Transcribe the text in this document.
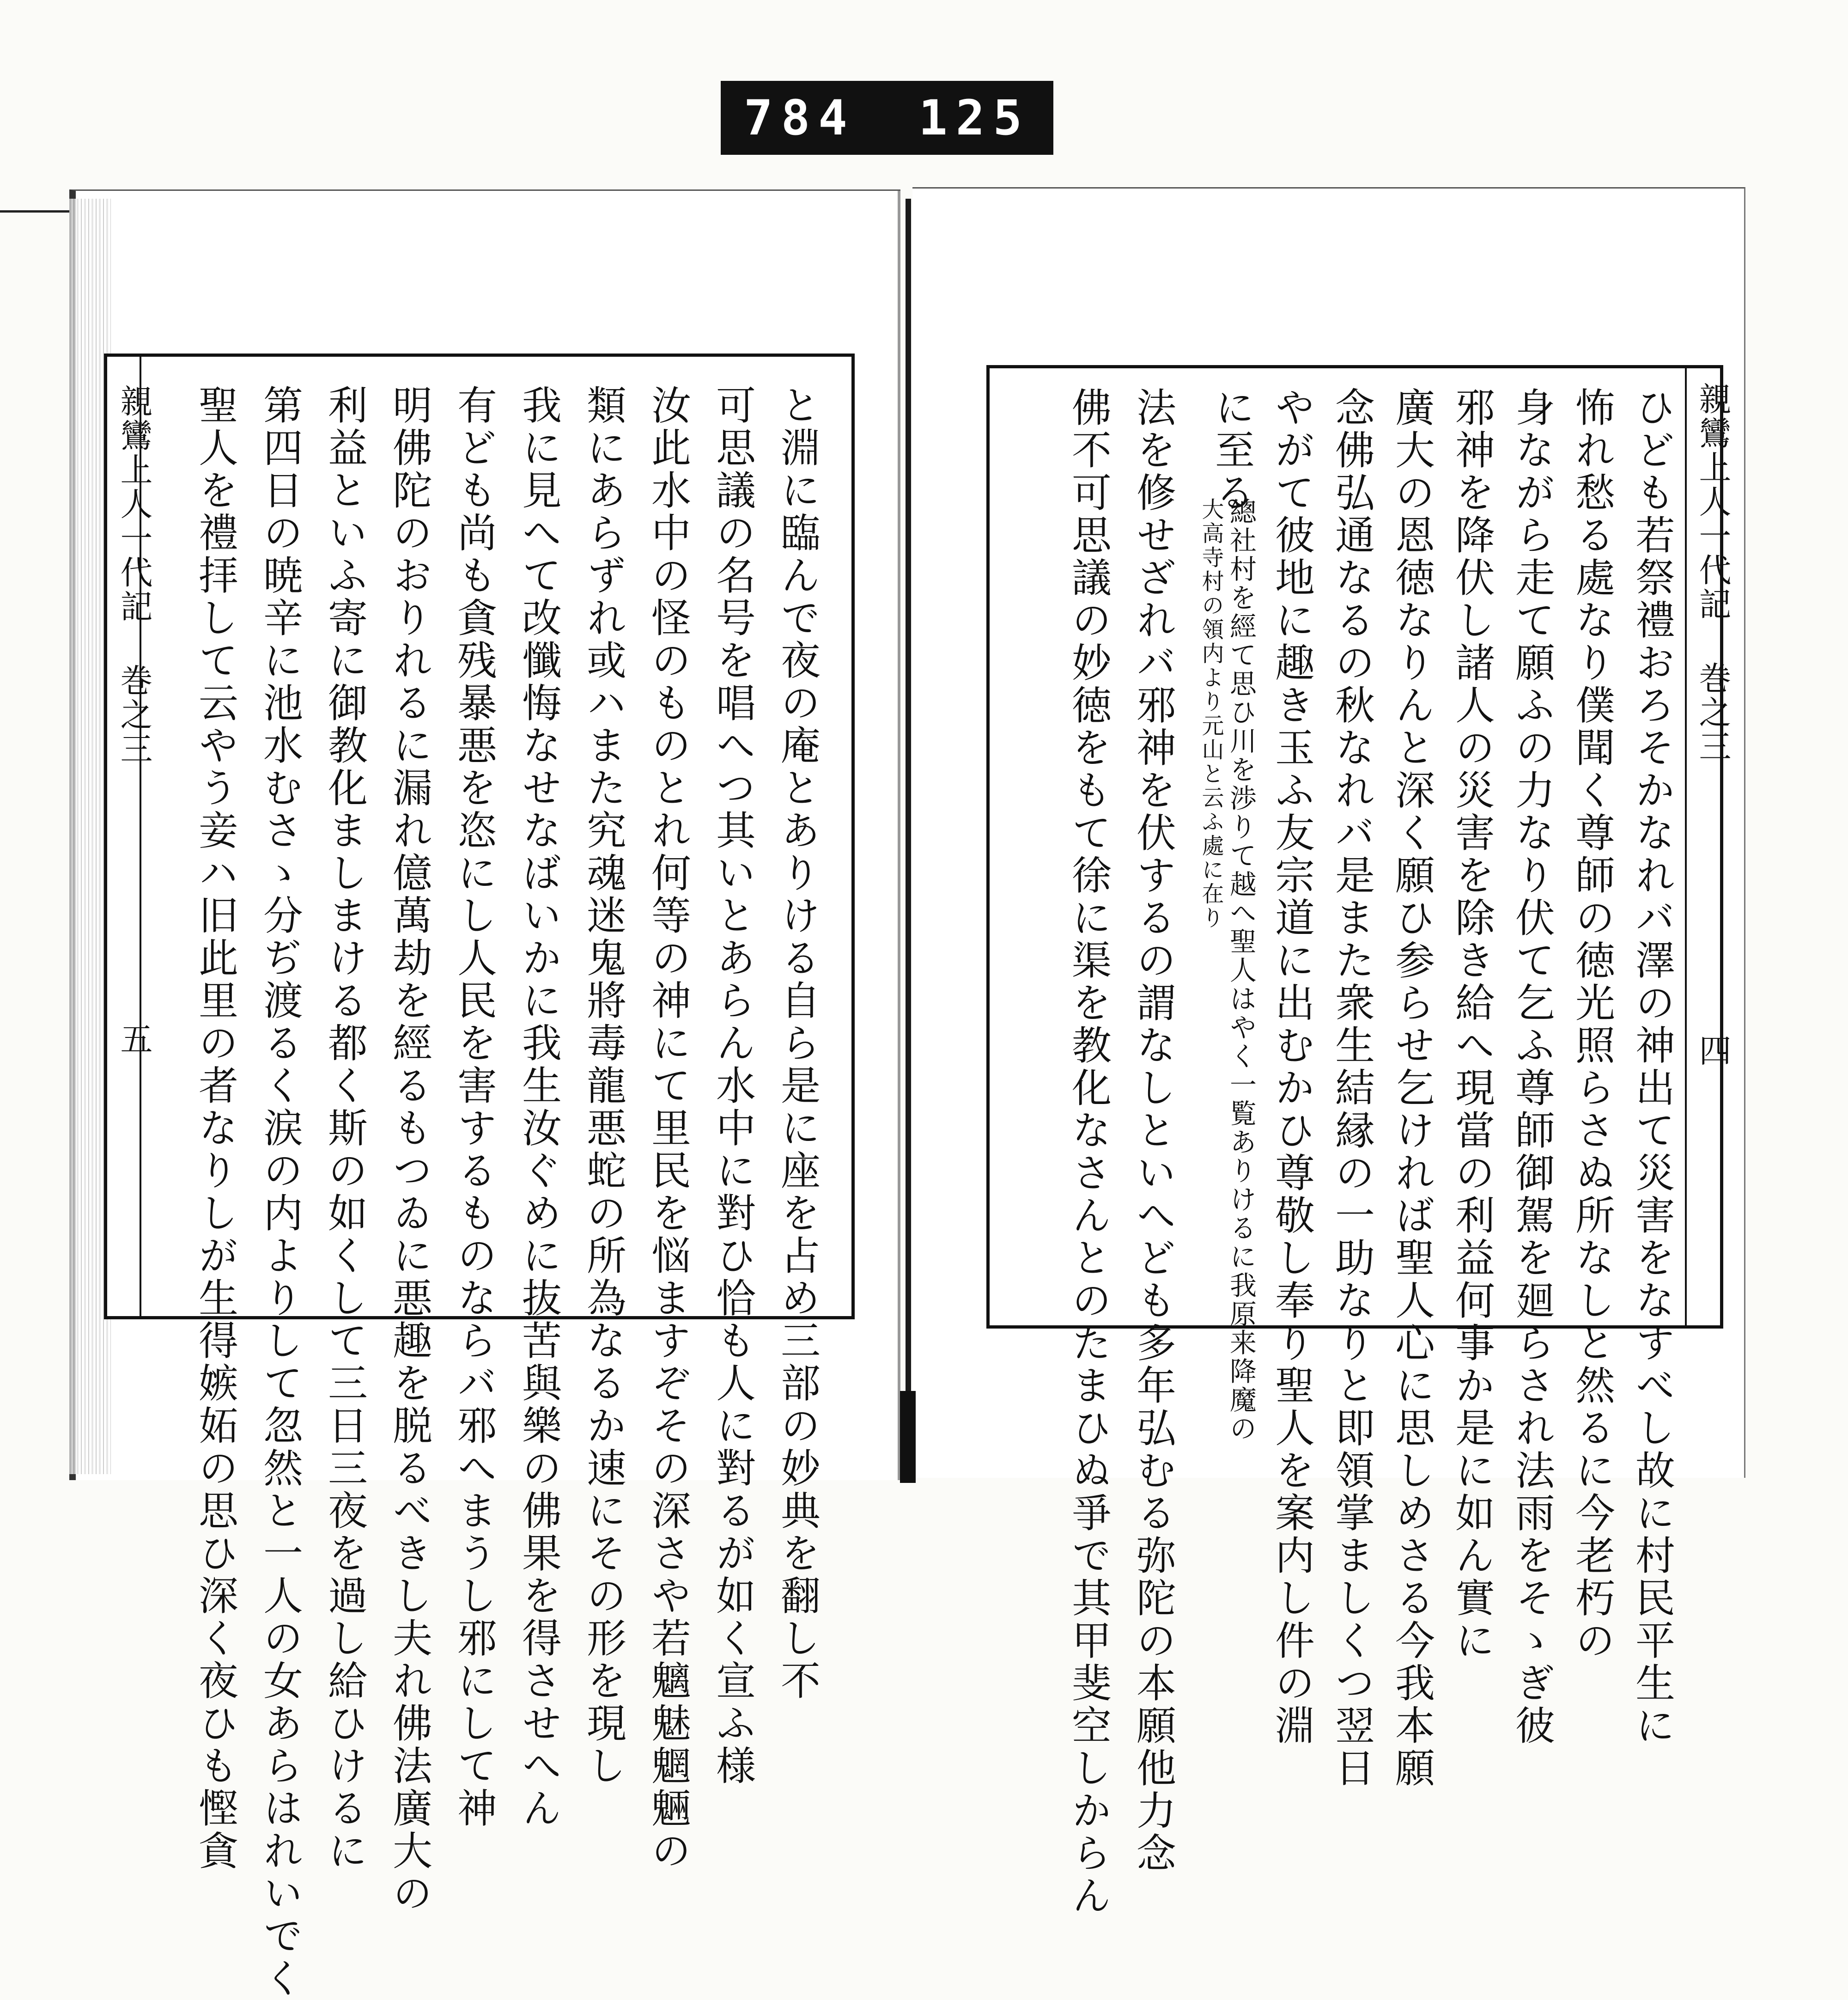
784 125
親鸞上人一代記 巻之三
五	と淵に臨んで夜の庵とありける自ら是に座を占め三部の妙典を翻し不
可思議の名号を唱へつ其いとあらん水中に對ひ恰も人に對るが如く宣ふ様
汝此水中の怪のものとれ何等の神にて里民を悩ますぞその深さや若魑魅魍魎の
類にあらずれ或ハまた究魂迷鬼將毒龍悪蛇の所為なるか速にその形を現し
我に見へて改懺悔なせなばいかに我生汝ぐめに抜苦與樂の佛果を得させへん
有ども尚も貪残暴悪を恣にし人民を害するものならバ邪へまうし邪にして神
明佛陀のおりれるに漏れ億萬劫を經るもつゐに悪趣を脱るべきし夫れ佛法廣大の
利益といふ寄に御教化ましまける都く斯の如くして三日三夜を過し給ひけるに
第四日の暁辛に池水むさゝ分ぢ渡るく涙の内よりして忽然と一人の女あらはれいでく
聖人を禮拝して云やう妾ハ旧此里の者なりしが生得嫉妬の思ひ深く夜ひも慳貪	親鸞上人一代記 巻之三
四
ひども若祭禮おろそかなれバ澤の神出て災害をなすべし故に村民平生に
怖れ愁る處なり僕聞く尊師の徳光照らさぬ所なしと然るに今老朽の
身ながら走て願ふの力なり伏て乞ふ尊師御駕を廻らされ法雨をそゝぎ彼
邪神を降伏し諸人の災害を除き給へ現當の利益何事か是に如ん實に
廣大の恩徳なりんと深く願ひ参らせ乞ければ聖人心に思しめさる今我本願
念佛弘通なるの秋なれバ是また衆生結縁の一助なりと即領掌ましくつ翌日
やがて彼地に趣き玉ふ友宗道に出むかひ尊敬し奉り聖人を案内し件の淵
に至る
總社村を經て思ひ川を渉りて越へ聖人はやく一覧ありけるに我原来降魔の
大高寺村の領内より元山と云ふ處に在り
法を修せざれバ邪神を伏するの謂なしといへども多年弘むる弥陀の本願他力念
佛不可思議の妙徳をもて徐に渠を教化なさんとのたまひぬ爭で其甲斐空しからん
